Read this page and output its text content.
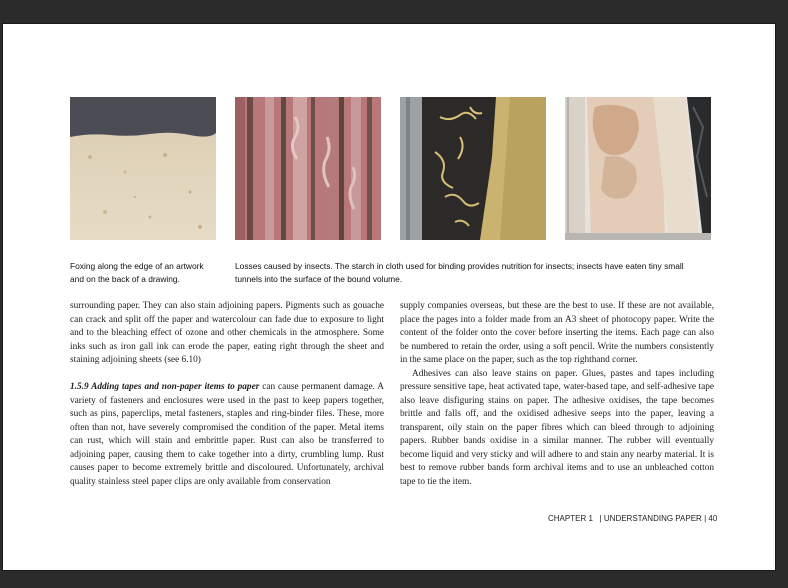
Foxing along the edge of an artwork and on the back of a drawing.
Losses caused by insects. The starch in cloth used for binding provides nutrition for insects; insects have eaten tiny small tunnels into the surface of the bound volume.

surrounding paper. They can also stain adjoining papers. Pigments such as gouache can crack and split off the paper and watercolour can fade due to exposure to light and to the bleaching effect of ozone and other chemicals in the atmosphere. Some inks such as iron gall ink can erode the paper, eating right through the sheet and staining adjoining sheets (see 6.10)

1.5.9 Adding tapes and non-paper items to paper can cause permanent damage. A variety of fasteners and enclosures were used in the past to keep papers together, such as pins, paperclips, metal fasteners, staples and ring-binder files. These, more often than not, have severely compromised the condition of the paper. Metal items can rust, which will stain and embrittle paper. Rust can also be transferred to adjoining paper, causing them to cake together into a dirty, crumbling lump. Rust causes paper to become extremely brittle and discoloured. Unfortunately, archival quality stainless steel paper clips are only available from conservation

supply companies overseas, but these are the best to use. If these are not available, place the pages into a folder made from an A3 sheet of photocopy paper. Write the content of the folder onto the cover before inserting the items. Each page can also be numbered to retain the order, using a soft pencil. Write the numbers consistently in the same place on the paper, such as the top righthand corner.

Adhesives can also leave stains on paper. Glues, pastes and tapes including pressure sensitive tape, heat activated tape, water-based tape, and self-adhesive tape also leave disfiguring stains on paper. The adhesive oxidises, the tape becomes brittle and falls off, and the oxidised adhesive seeps into the paper, leaving a transparent, oily stain on the paper fibres which can bleed through to adjoining papers. Rubber bands oxidise in a similar manner. The rubber will eventually become liquid and very sticky and will adhere to and stain any nearby material. It is best to remove rubber bands form archival items and to use an unbleached cotton tape to tie the item.

CHAPTER 1 | UNDERSTANDING PAPER | 40
